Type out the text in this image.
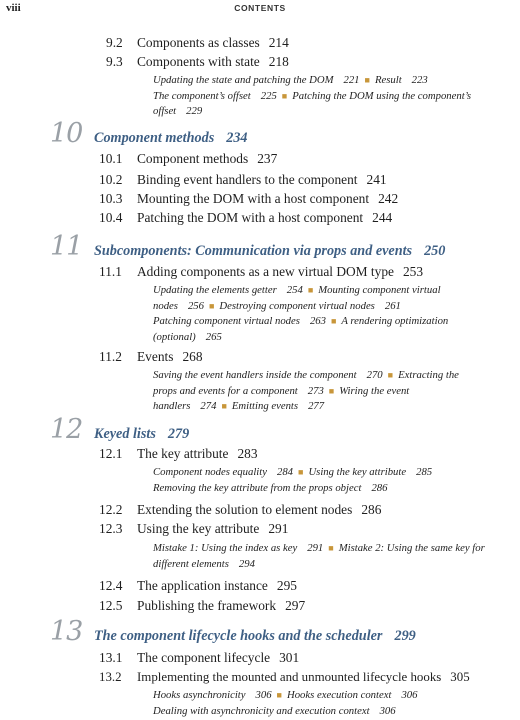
viii	CONTENTS
9.2 Components as classes 214
9.3 Components with state 218
Updating the state and patching the DOM 221 ■ Result 223 The component’s offset 225 ■ Patching the DOM using the component’s offset 229
10 Component methods 234
10.1 Component methods 237
10.2 Binding event handlers to the component 241
10.3 Mounting the DOM with a host component 242
10.4 Patching the DOM with a host component 244
11 Subcomponents: Communication via props and events 250
11.1 Adding components as a new virtual DOM type 253
Updating the elements getter 254 ■ Mounting component virtual nodes 256 ■ Destroying component virtual nodes 261 Patching component virtual nodes 263 ■ A rendering optimization (optional) 265
11.2 Events 268
Saving the event handlers inside the component 270 ■ Extracting the props and events for a component 273 ■ Wiring the event handlers 274 ■ Emitting events 277
12 Keyed lists 279
12.1 The key attribute 283
Component nodes equality 284 ■ Using the key attribute 285 Removing the key attribute from the props object 286
12.2 Extending the solution to element nodes 286
12.3 Using the key attribute 291
Mistake 1: Using the index as key 291 ■ Mistake 2: Using the same key for different elements 294
12.4 The application instance 295
12.5 Publishing the framework 297
13 The component lifecycle hooks and the scheduler 299
13.1 The component lifecycle 301
13.2 Implementing the mounted and unmounted lifecycle hooks 305
Hooks asynchronicity 306 ■ Hooks execution context 306 Dealing with asynchronicity and execution context 306
